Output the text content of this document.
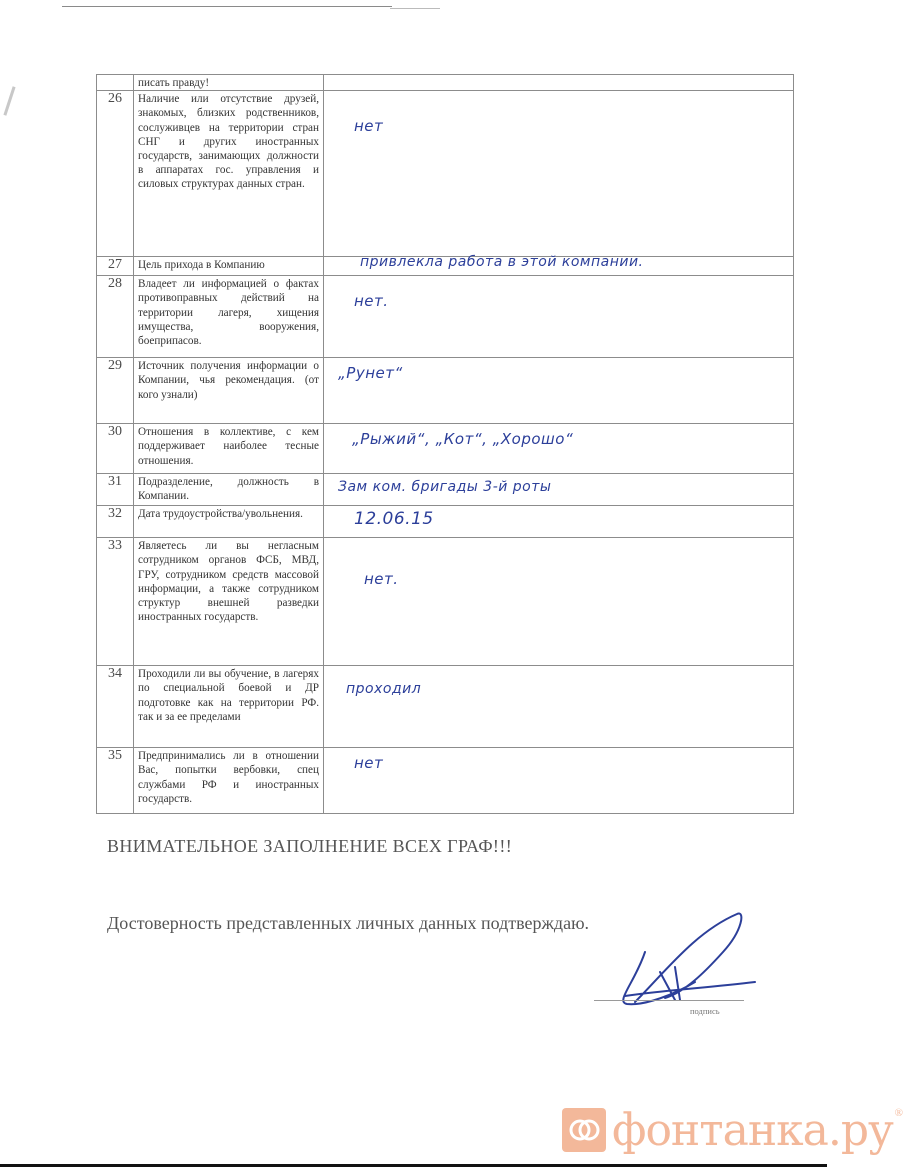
	писать правду!	
26	Наличие или отсутствие друзей, знакомых, близких родственников, сослуживцев на территории стран СНГ и других иностранных государств, занимающих должности в аппаратах гос. управления и силовых структурах данных стран.	нет

27	Цель прихода в Компанию	привлекла работа в этой компании.

28	Владеет ли информацией о фактах противоправных действий на территории лагеря, хищения имущества, вооружения, боеприпасов.	нет.

29	Источник получения информации о Компании, чья рекомендация. (от кого узнали)	„Рунет“

30	Отношения в коллективе, с кем поддерживает наиболее тесные отношения.	„Рыжий“, „Кот“, „Хорошо“

31	Подразделение, должность в Компании.	Зам ком. бригады 3-й роты

32	Дата трудоустройства/увольнения.	12.06.15

33	Являетесь ли вы негласным сотрудником органов ФСБ, МВД, ГРУ, сотрудником средств массовой информации, а также сотрудником структур внешней разведки иностранных государств.	нет.

34	Проходили ли вы обучение, в лагерях по специальной боевой и ДР подготовке как на территории РФ. так и за ее пределами	проходил

35	Предпринимались ли в отношении Вас, попытки вербовки, спец службами РФ и иностранных государств.	нет
ВНИМАТЕЛЬНОЕ ЗАПОЛНЕНИЕ ВСЕХ ГРАФ!!!
Достоверность представленных личных данных подтверждаю.
подпись
фонтанка.ру ®
